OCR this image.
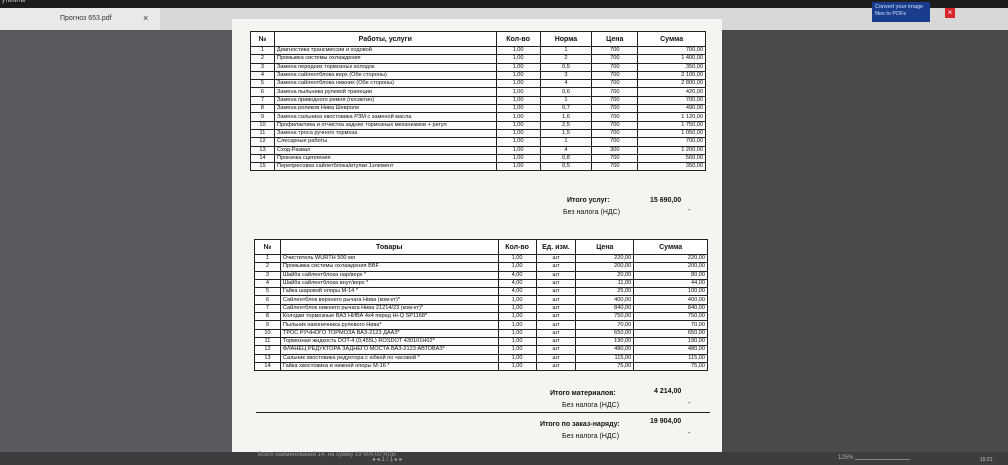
утилиты
Прогноз 653.pdf	×
Convert your image files to PDFs	×
№	Работы, услуги	Кол-во	Норма	Цена	Сумма
1	Диагностика трансмиссии и ходовой	1,00	1	700	700,00
2	Промывка системы охлаждения	1,00	2	700	1 400,00
3	Замена передних тормозных колодок	1,00	0,5	700	350,00
4	Замена сайлентблока верх (Обе стороны)	1,00	3	700	2 100,00
5	Замена сайлентблока нижних (Обе стороны)	1,00	4	700	2 800,00
6	Замена пыльника рулевой трапеции	1,00	0,6	700	420,00
7	Замена приводного ремня (посиктин)	1,00	1	700	700,00
8	Замена роликов Нива Шевроле	1,00	0,7	700	490,00
9	Замена сальника хвостовика РЗМ с заменой масла	1,00	1,6	700	1 120,00
10	Профилактика и отчистка задних тормозных механизмов + регул	1,00	2,5	700	1 750,00
11	Замена троса ручного тормоза	1,00	1,5	700	1 050,00
12	Слесарные работы	1,00	1	700	700,00
13	Сход-Развал	1,00	4	300	1 200,00
14	Прокачка сцепления	1,00	0,8	700	560,00
15	Перепресовка сайлетблока/втулки 1элемент	1,00	0,5	700	350,00
Итого услуг:	15 690,00
Без налога (НДС)	-
№	Товары	Кол-во	Ед. изм.	Цена	Сумма
1	Очиститель WURTH 500 мл	1,00	шт	220,00	220,00
2	Промывка системы охлаждения BBF	1,00	шт	200,00	200,00
3	Шайба сайлентблока нар/верх *	4,00	шт	20,00	80,00
4	Шайба сайлентблока внут/верх *	4,00	шт	11,00	44,00
5	Гайка шаровой опоры М-14 *	4,00	шт	25,00	100,00
6	Сайлентблок верхнего рычага Нива (ком-кт)*	1,00	шт	400,00	400,00
7	Сайлентблок нижнего рычага Нива 21214/23 (ком-кт)*	1,00	шт	840,00	840,00
8	Колодки тормозные ВАЗ НИВА 4х4 перед Hi-Q SP1168*	1,00	шт	750,00	750,00
9	Пыльник наконечника рулевого Нива*	1,00	шт	70,00	70,00
10	ТРОС РУЧНОГО ТОРМОЗА ВАЗ-2123 ДААЗ*	1,00	шт	650,00	650,00
11	Тормозная жидкость DOT-4 (0,455L) ROSDOT 430101H02*	1,00	шт	190,00	190,00
12	ФЛАНЕЦ РЕДУКТОРА ЗАДНЕГО МОСТА ВАЗ-2123 АВТОВАЗ*	1,00	шт	480,00	480,00
13	Сальник хвостовика редуктора с юбкой по часовой *	1,00	шт	115,00	115,00
14	Гайка хвостовика и нижней опоры М-16 *	1,00	шт	75,00	75,00
Итого материалов:	4 214,00
Без налога (НДС)	-
Итого по заказ-наряду:	19 904,00
Без налога (НДС)	-
Всего наименований 14, на сумму 19 904,00 RUB
◂ ◂ 1 / 1 ▸ ▸	125%	15:21
